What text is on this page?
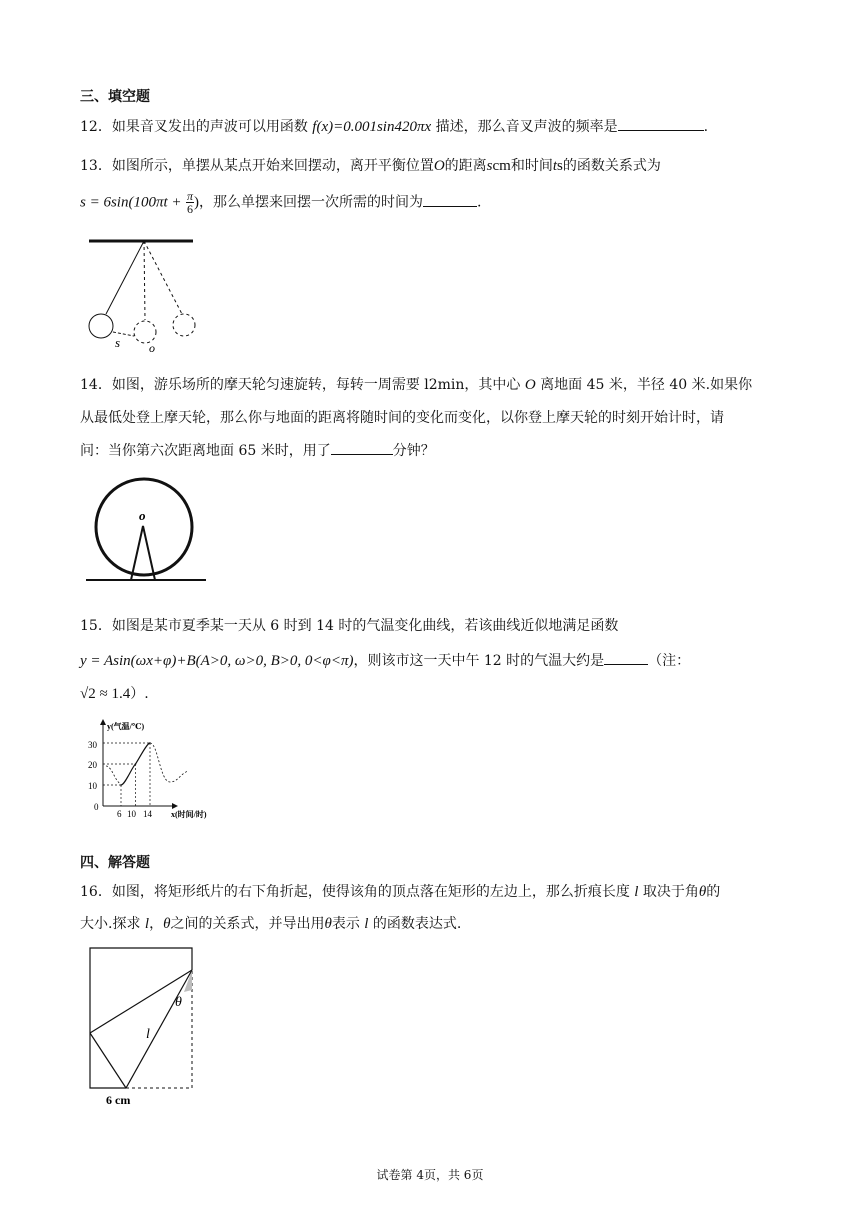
三、填空题
12．如果音叉发出的声波可以用函数 f(x)=0.001sin420πx 描述，那么音叉声波的频率是	.
13．如图所示，单摆从某点开始来回摆动，离开平衡位置O的距离scm和时间ts的函数关系式为
$s = 6\sin(100\pi t + \frac{\pi}{6}$ )，那么单摆来回摆一次所需的时间为	.
s o
14．如图，游乐场所的摩天轮匀速旋转，每转一周需要 l2min，其中心 O 离地面 45 米，半径 40 米.如果你
从最低处登上摩天轮，那么你与地面的距离将随时间的变化而变化，以你登上摩天轮的时刻开始计时，请
问：当你第六次距离地面 65 米时，用了	分钟？
o
15．如图是某市夏季某一天从 6 时到 14 时的气温变化曲线，若该曲线近似地满足函数
y = Asin(ωx+φ)+B(A>0, ω>0, B>0, 0<φ<π)，则该市这一天中午 12 时的气温大约是	（注：
√2 ≈ 1.4）.
y(气温/℃)
x(时间/时)
30
20
10
0
6 10 14
四、解答题
16．如图，将矩形纸片的右下角折起，使得该角的顶点落在矩形的左边上，那么折痕长度 l 取决于角θ的
大小.探求 l，θ之间的关系式，并导出用θ表示 l 的函数表达式.
θ
l
6 cm
试卷第 4页，共 6页
